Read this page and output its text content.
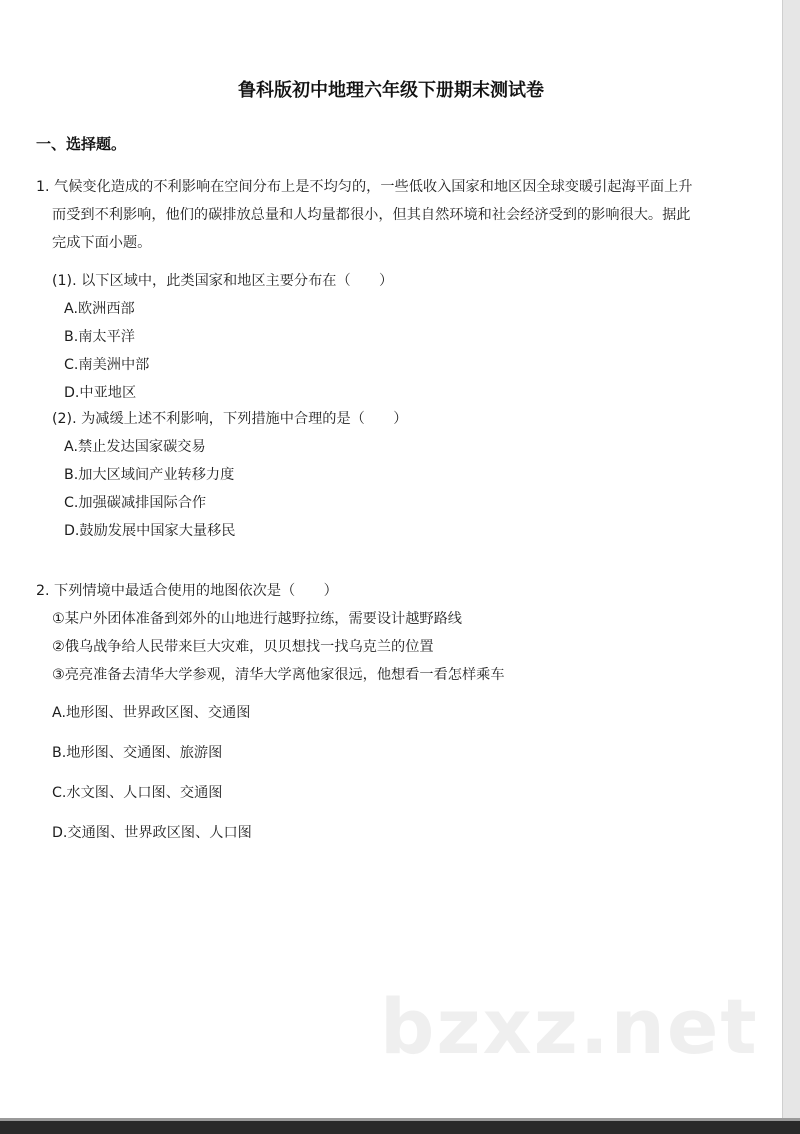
鲁科版初中地理六年级下册期末测试卷
一、选择题。
1. 气候变化造成的不利影响在空间分布上是不均匀的，一些低收入国家和地区因全球变暖引起海平面上升
而受到不利影响，他们的碳排放总量和人均量都很小，但其自然环境和社会经济受到的影响很大。据此
完成下面小题。
(1). 以下区域中，此类国家和地区主要分布在（　　）
A.欧洲西部
B.南太平洋
C.南美洲中部
D.中亚地区
(2). 为减缓上述不利影响，下列措施中合理的是（　　）
A.禁止发达国家碳交易
B.加大区域间产业转移力度
C.加强碳减排国际合作
D.鼓励发展中国家大量移民
2. 下列情境中最适合使用的地图依次是（　　）
①某户外团体准备到郊外的山地进行越野拉练，需要设计越野路线
②俄乌战争给人民带来巨大灾难，贝贝想找一找乌克兰的位置
③亮亮准备去清华大学参观，清华大学离他家很远，他想看一看怎样乘车
A.地形图、世界政区图、交通图
B.地形图、交通图、旅游图
C.水文图、人口图、交通图
D.交通图、世界政区图、人口图
bzxz.net
